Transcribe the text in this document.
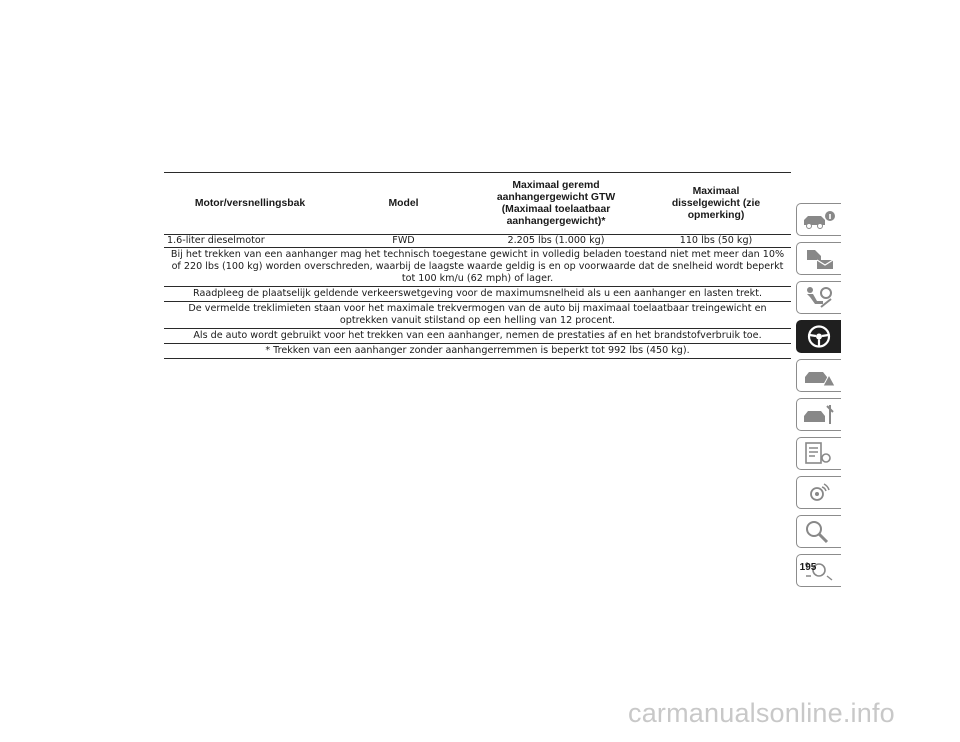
Motor/versnellingsbak	Model	Maximaal geremd aanhangergewicht GTW (Maximaal toelaatbaar aanhangergewicht)*	Maximaal disselgewicht (zie opmerking)
1.6-liter dieselmotor	FWD	2.205 lbs (1.000 kg)	110 lbs (50 kg)
Bij het trekken van een aanhanger mag het technisch toegestane gewicht in volledig beladen toestand niet met meer dan 10% of 220 lbs (100 kg) worden overschreden, waarbij de laagste waarde geldig is en op voorwaarde dat de snelheid wordt beperkt tot 100 km/u (62 mph) of lager.			
Raadpleeg de plaatselijk geldende verkeerswetgeving voor de maximumsnelheid als u een aanhanger en lasten trekt.			
De vermelde treklimieten staan voor het maximale trekvermogen van de auto bij maximaal toelaatbaar treingewicht en optrekken vanuit stilstand op een helling van 12 procent.			
Als de auto wordt gebruikt voor het trekken van een aanhanger, nemen de prestaties af en het brandstofverbruik toe.			
* Trekken van een aanhanger zonder aanhangerremmen is beperkt tot 992 lbs (450 kg).			
195
carmanualsonline.info
